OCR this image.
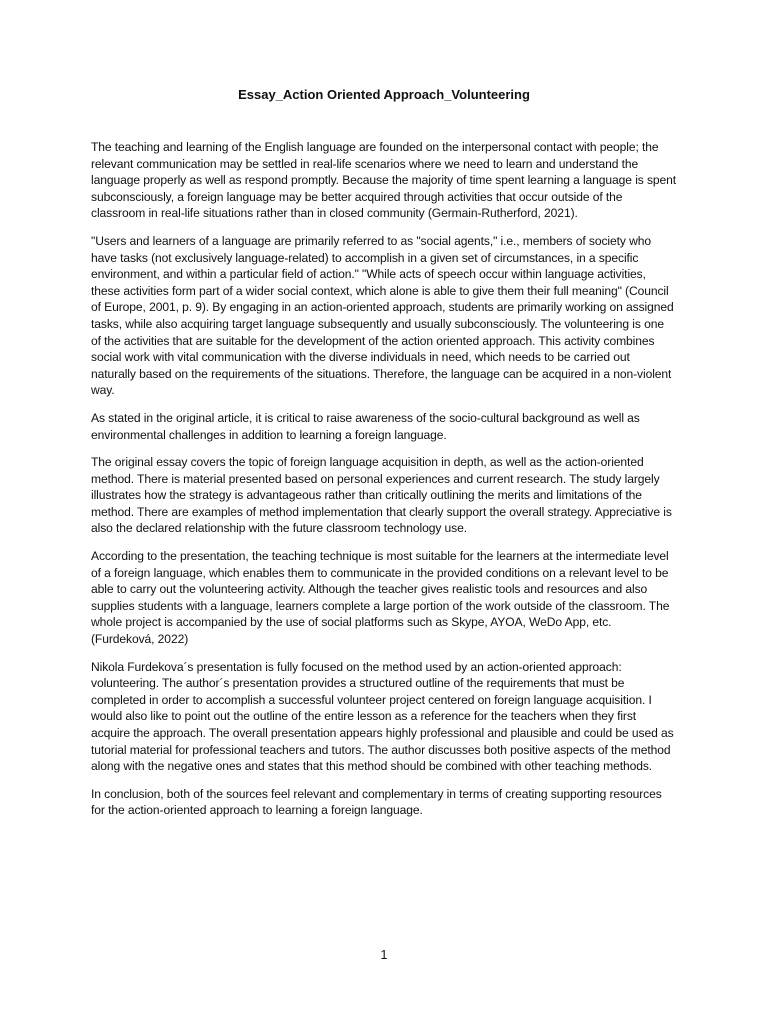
Essay_Action Oriented Approach_Volunteering

The teaching and learning of the English language are founded on the interpersonal contact with people; the relevant communication may be settled in real-life scenarios where we need to learn and understand the language properly as well as respond promptly. Because the majority of time spent learning a language is spent subconsciously, a foreign language may be better acquired through activities that occur outside of the classroom in real-life situations rather than in closed community (Germain-Rutherford, 2021).

"Users and learners of a language are primarily referred to as "social agents," i.e., members of society who have tasks (not exclusively language-related) to accomplish in a given set of circumstances, in a specific environment, and within a particular field of action." "While acts of speech occur within language activities, these activities form part of a wider social context, which alone is able to give them their full meaning" (Council of Europe, 2001, p. 9). By engaging in an action-oriented approach, students are primarily working on assigned tasks, while also acquiring target language subsequently and usually subconsciously. The volunteering is one of the activities that are suitable for the development of the action oriented approach. This activity combines social work with vital communication with the diverse individuals in need, which needs to be carried out naturally based on the requirements of the situations. Therefore, the language can be acquired in a non-violent way.

As stated in the original article, it is critical to raise awareness of the socio-cultural background as well as environmental challenges in addition to learning a foreign language.

The original essay covers the topic of foreign language acquisition in depth, as well as the action-oriented method. There is material presented based on personal experiences and current research. The study largely illustrates how the strategy is advantageous rather than critically outlining the merits and limitations of the method. There are examples of method implementation that clearly support the overall strategy. Appreciative is also the declared relationship with the future classroom technology use.

According to the presentation, the teaching technique is most suitable for the learners at the intermediate level of a foreign language, which enables them to communicate in the provided conditions on a relevant level to be able to carry out the volunteering activity. Although the teacher gives realistic tools and resources and also supplies students with a language, learners complete a large portion of the work outside of the classroom. The whole project is accompanied by the use of social platforms such as Skype, AYOA, WeDo App, etc. (Furdeková, 2022)

Nikola Furdekova´s presentation is fully focused on the method used by an action-oriented approach: volunteering. The author´s presentation provides a structured outline of the requirements that must be completed in order to accomplish a successful volunteer project centered on foreign language acquisition. I would also like to point out the outline of the entire lesson as a reference for the teachers when they first acquire the approach. The overall presentation appears highly professional and plausible and could be used as tutorial material for professional teachers and tutors. The author discusses both positive aspects of the method along with the negative ones and states that this method should be combined with other teaching methods.

In conclusion, both of the sources feel relevant and complementary in terms of creating supporting resources for the action-oriented approach to learning a foreign language.

1
